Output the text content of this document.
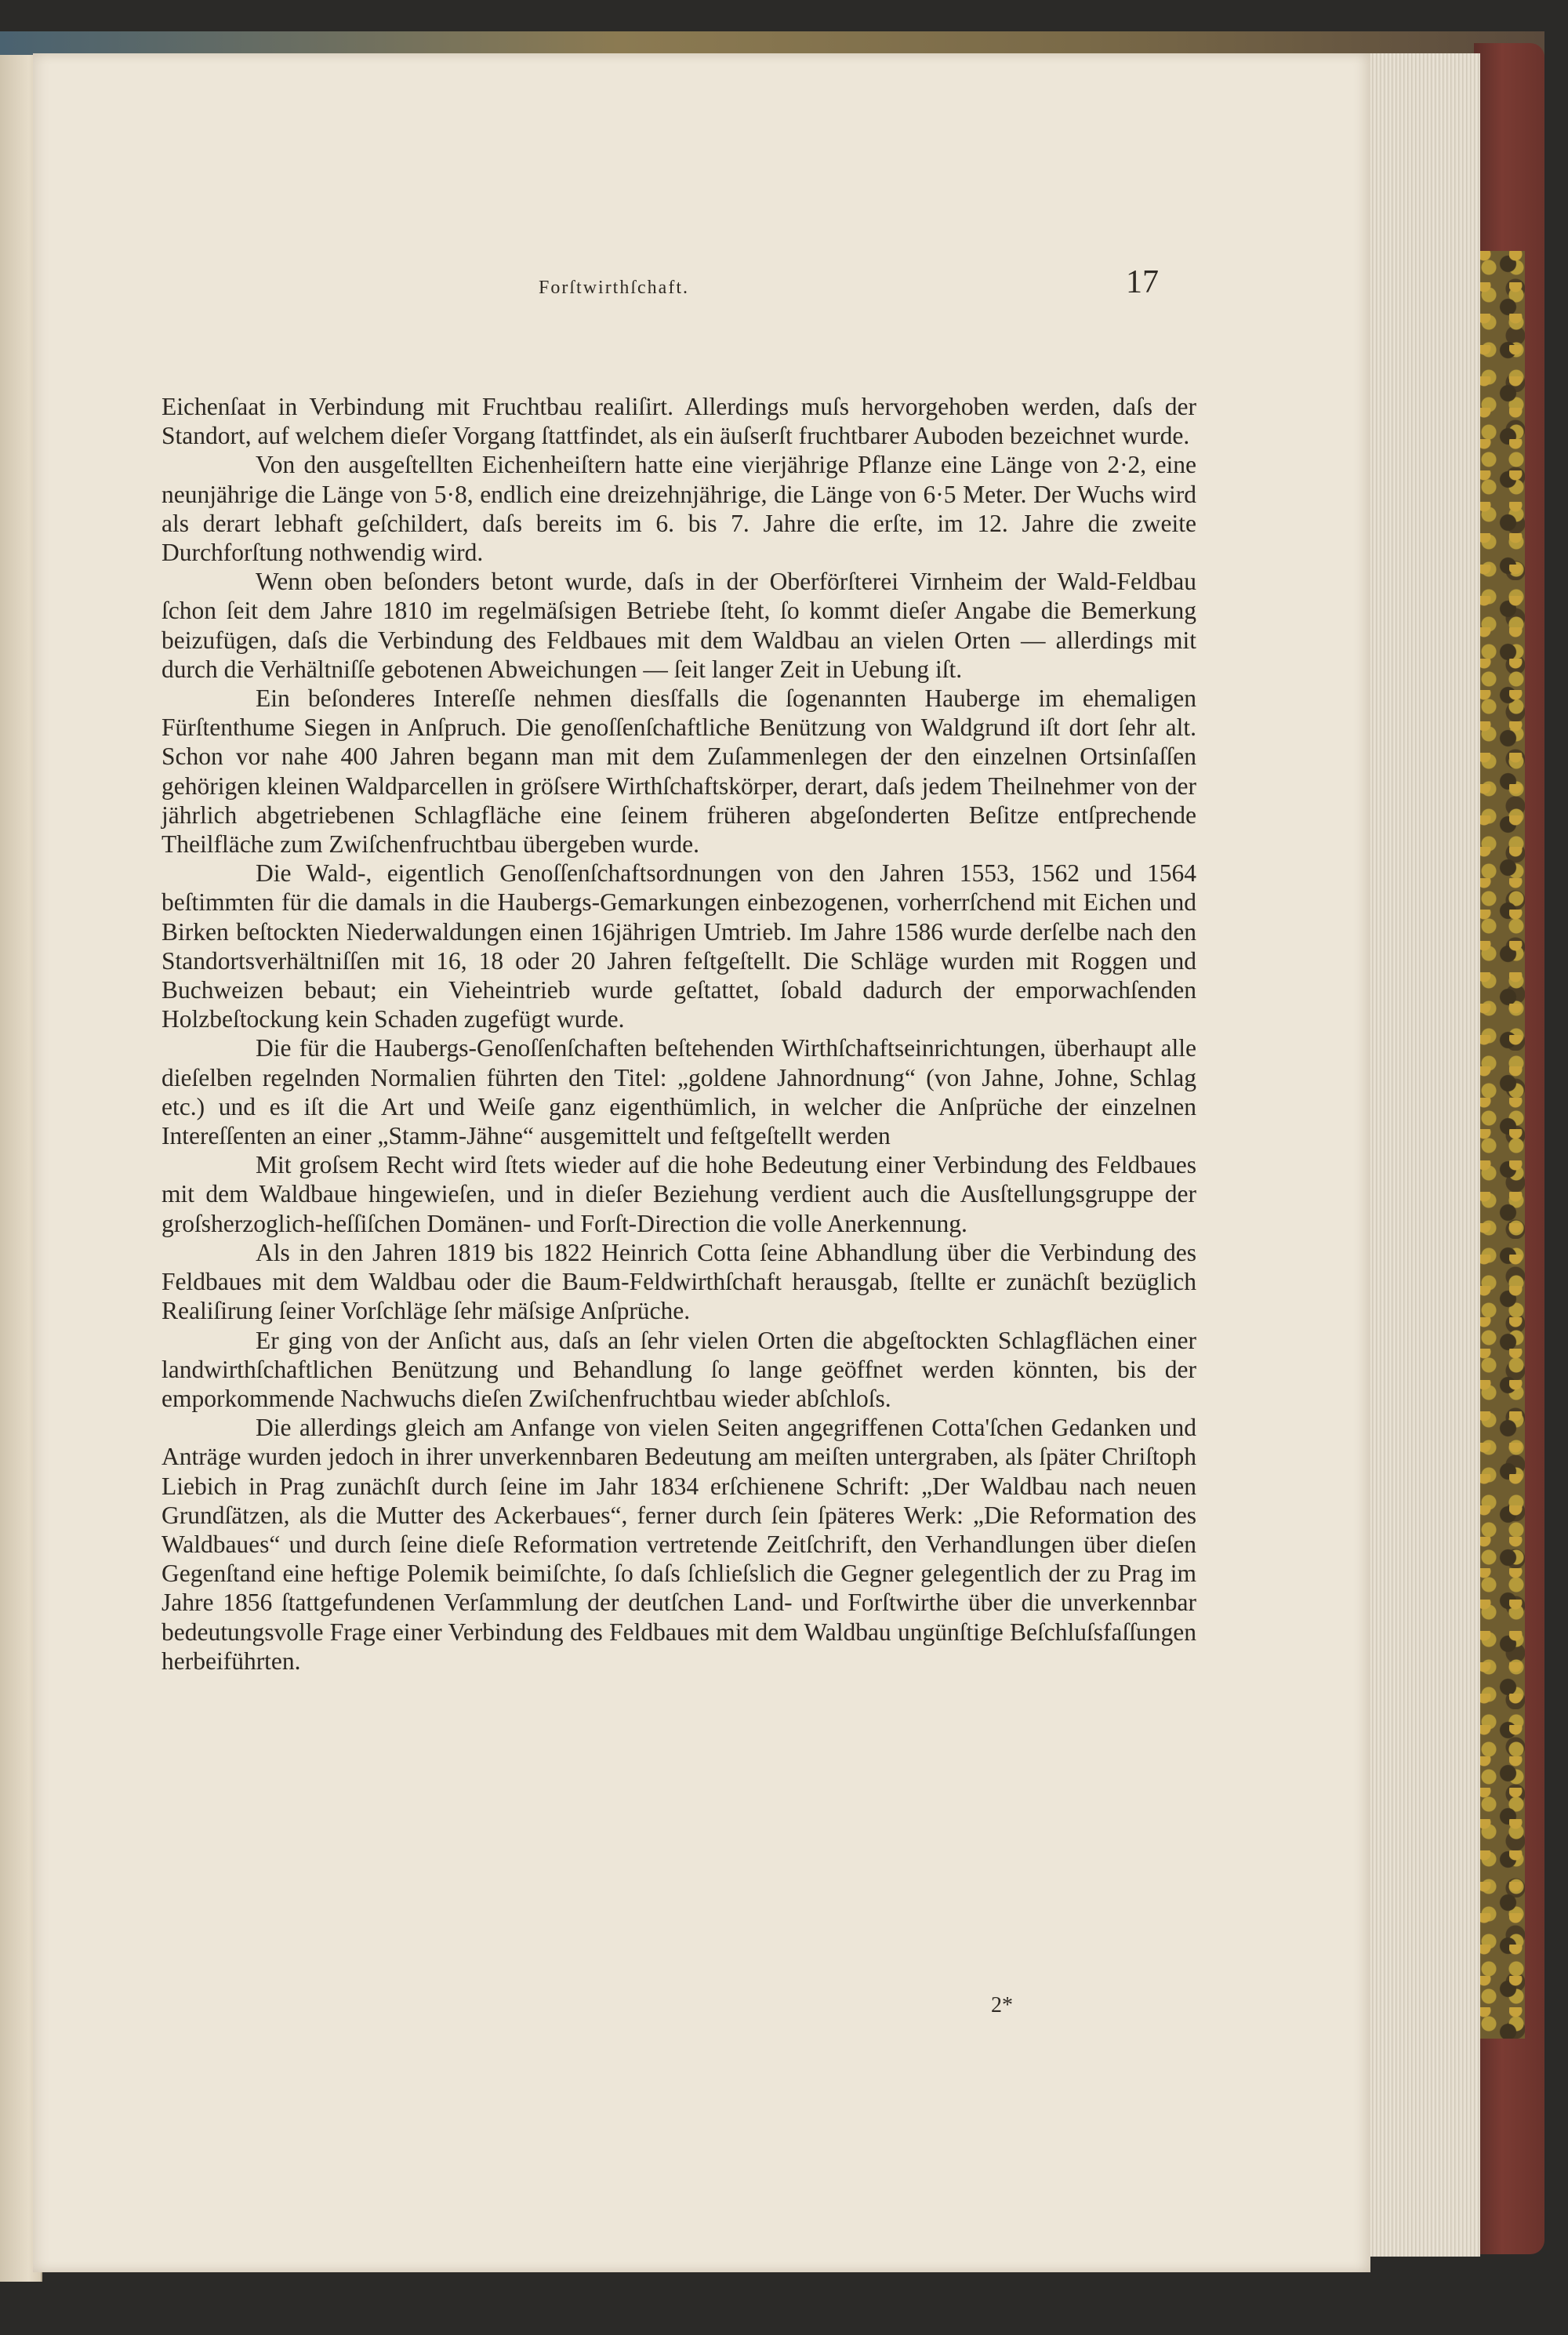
Forſtwirthſchaft.	17

Eichenſaat in Verbindung mit Fruchtbau realiſirt. Allerdings muſs hervorgehoben werden, daſs der Standort, auf welchem dieſer Vorgang ſtattfindet, als ein äuſserſt fruchtbarer Auboden bezeichnet wurde.

Von den ausgeſtellten Eichenheiſtern hatte eine vierjährige Pflanze eine Länge von 2·2, eine neunjährige die Länge von 5·8, endlich eine dreizehnjährige, die Länge von 6·5 Meter. Der Wuchs wird als derart lebhaft geſchildert, daſs bereits im 6. bis 7. Jahre die erſte, im 12. Jahre die zweite Durchforſtung nothwendig wird.

Wenn oben beſonders betont wurde, daſs in der Oberförſterei Virnheim der Wald-Feldbau ſchon ſeit dem Jahre 1810 im regelmäſsigen Betriebe ſteht, ſo kommt dieſer Angabe die Bemerkung beizufügen, daſs die Verbindung des Feldbaues mit dem Waldbau an vielen Orten — allerdings mit durch die Verhältniſſe gebotenen Abweichungen — ſeit langer Zeit in Uebung iſt.

Ein beſonderes Intereſſe nehmen diesſfalls die ſogenannten Hauberge im ehemaligen Fürſtenthume Siegen in Anſpruch. Die genoſſenſchaftliche Benützung von Waldgrund iſt dort ſehr alt. Schon vor nahe 400 Jahren begann man mit dem Zuſammenlegen der den einzelnen Ortsinſaſſen gehörigen kleinen Waldparcellen in gröſsere Wirthſchaftskörper, derart, daſs jedem Theilnehmer von der jährlich abgetriebenen Schlagfläche eine ſeinem früheren abgeſonderten Beſitze entſprechende Theilfläche zum Zwiſchenfruchtbau übergeben wurde.

Die Wald-, eigentlich Genoſſenſchaftsordnungen von den Jahren 1553, 1562 und 1564 beſtimmten für die damals in die Haubergs-Gemarkungen einbezogenen, vorherrſchend mit Eichen und Birken beſtockten Niederwaldungen einen 16jährigen Umtrieb. Im Jahre 1586 wurde derſelbe nach den Standortsverhältniſſen mit 16, 18 oder 20 Jahren feſtgeſtellt. Die Schläge wurden mit Roggen und Buchweizen bebaut; ein Vieheintrieb wurde geſtattet, ſobald dadurch der emporwachſenden Holzbeſtockung kein Schaden zugefügt wurde.

Die für die Haubergs-Genoſſenſchaften beſtehenden Wirthſchaftseinrichtungen, überhaupt alle dieſelben regelnden Normalien führten den Titel: „goldene Jahnordnung“ (von Jahne, Johne, Schlag etc.) und es iſt die Art und Weiſe ganz eigenthümlich, in welcher die Anſprüche der einzelnen Intereſſenten an einer „Stamm-Jähne“ ausgemittelt und feſtgeſtellt werden

Mit groſsem Recht wird ſtets wieder auf die hohe Bedeutung einer Verbindung des Feldbaues mit dem Waldbaue hingewieſen, und in dieſer Beziehung verdient auch die Ausſtellungsgruppe der groſsherzoglich-heſſiſchen Domänen- und Forſt-Direction die volle Anerkennung.

Als in den Jahren 1819 bis 1822 Heinrich Cotta ſeine Abhandlung über die Verbindung des Feldbaues mit dem Waldbau oder die Baum-Feldwirthſchaft herausgab, ſtellte er zunächſt bezüglich Realiſirung ſeiner Vorſchläge ſehr mäſsige Anſprüche.

Er ging von der Anſicht aus, daſs an ſehr vielen Orten die abgeſtockten Schlagflächen einer landwirthſchaftlichen Benützung und Behandlung ſo lange geöffnet werden könnten, bis der emporkommende Nachwuchs dieſen Zwiſchenfruchtbau wieder abſchloſs.

Die allerdings gleich am Anfange von vielen Seiten angegriffenen Cotta'ſchen Gedanken und Anträge wurden jedoch in ihrer unverkennbaren Bedeutung am meiſten untergraben, als ſpäter Chriſtoph Liebich in Prag zunächſt durch ſeine im Jahr 1834 erſchienene Schrift: „Der Waldbau nach neuen Grundſätzen, als die Mutter des Ackerbaues“, ferner durch ſein ſpäteres Werk: „Die Reformation des Waldbaues“ und durch ſeine dieſe Reformation vertretende Zeitſchrift, den Verhandlungen über dieſen Gegenſtand eine heftige Polemik beimiſchte, ſo daſs ſchlieſslich die Gegner gelegentlich der zu Prag im Jahre 1856 ſtattgefundenen Verſammlung der deutſchen Land- und Forſtwirthe über die unverkennbar bedeutungsvolle Frage einer Verbindung des Feldbaues mit dem Waldbau ungünſtige Beſchluſsfaſſungen herbeiführten.

2*
